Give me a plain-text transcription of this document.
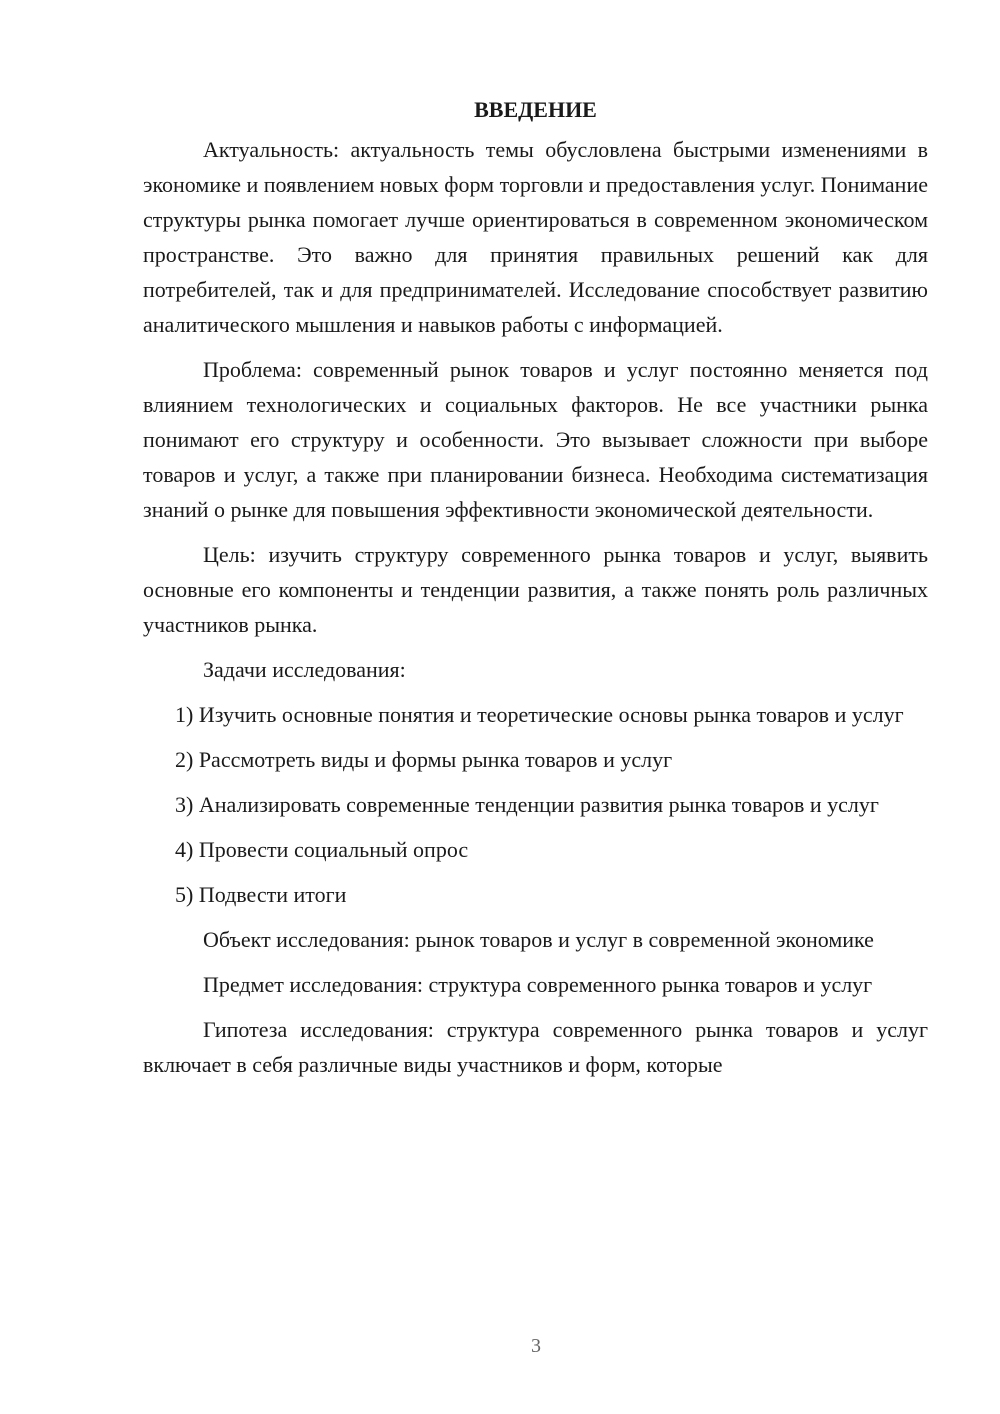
ВВЕДЕНИЕ

Актуальность: актуальность темы обусловлена быстрыми изменениями в экономике и появлением новых форм торговли и предоставления услуг. Понимание структуры рынка помогает лучше ориентироваться в современном экономическом пространстве. Это важно для принятия правильных решений как для потребителей, так и для предпринимателей. Исследование способствует развитию аналитического мышления и навыков работы с информацией.

Проблема: современный рынок товаров и услуг постоянно меняется под влиянием технологических и социальных факторов. Не все участники рынка понимают его структуру и особенности. Это вызывает сложности при выборе товаров и услуг, а также при планировании бизнеса. Необходима систематизация знаний о рынке для повышения эффективности экономической деятельности.

Цель: изучить структуру современного рынка товаров и услуг, выявить основные его компоненты и тенденции развития, а также понять роль различных участников рынка.

Задачи исследования:

1) Изучить основные понятия и теоретические основы рынка товаров и услуг

2) Рассмотреть виды и формы рынка товаров и услуг

3) Анализировать современные тенденции развития рынка товаров и услуг

4) Провести социальный опрос

5) Подвести итоги

Объект исследования: рынок товаров и услуг в современной экономике

Предмет исследования: структура современного рынка товаров и услуг

Гипотеза исследования: структура современного рынка товаров и услуг включает в себя различные виды участников и форм, которые

3
